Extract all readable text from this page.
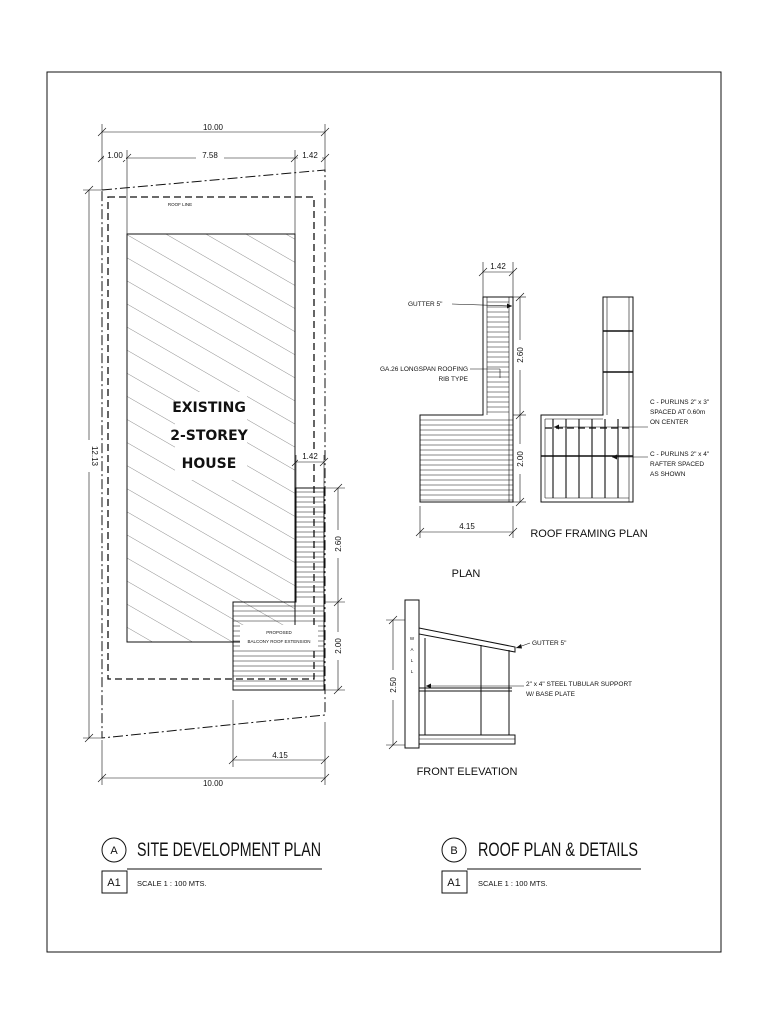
ROOF LINE
EXISTING
2-STOREY
HOUSE
PROPOSED
BALCONY ROOF EXTENSION
10.00
1.00	7.58	1.42
12.13	1.42
2.60
2.00
4.15
10.00
1.42
2.60
2.00
4.15
GUTTER 5"
GA.26 LONGSPAN ROOFING
RIB TYPE
PLAN
C - PURLINS 2" x 3"
SPACED AT 0.60m
ON CENTER
C - PURLINS 2" x 4"
RAFTER SPACED
AS SHOWN
ROOF FRAMING PLAN
W
A
L
L
2.50
GUTTER 5"
2" x 4" STEEL TUBULAR SUPPORT
W/ BASE PLATE
FRONT ELEVATION
A
A1
SITE DEVELOPMENT PLAN
SCALE 1 : 100 MTS.
B
A1
ROOF PLAN & DETAILS
SCALE 1 : 100 MTS.
